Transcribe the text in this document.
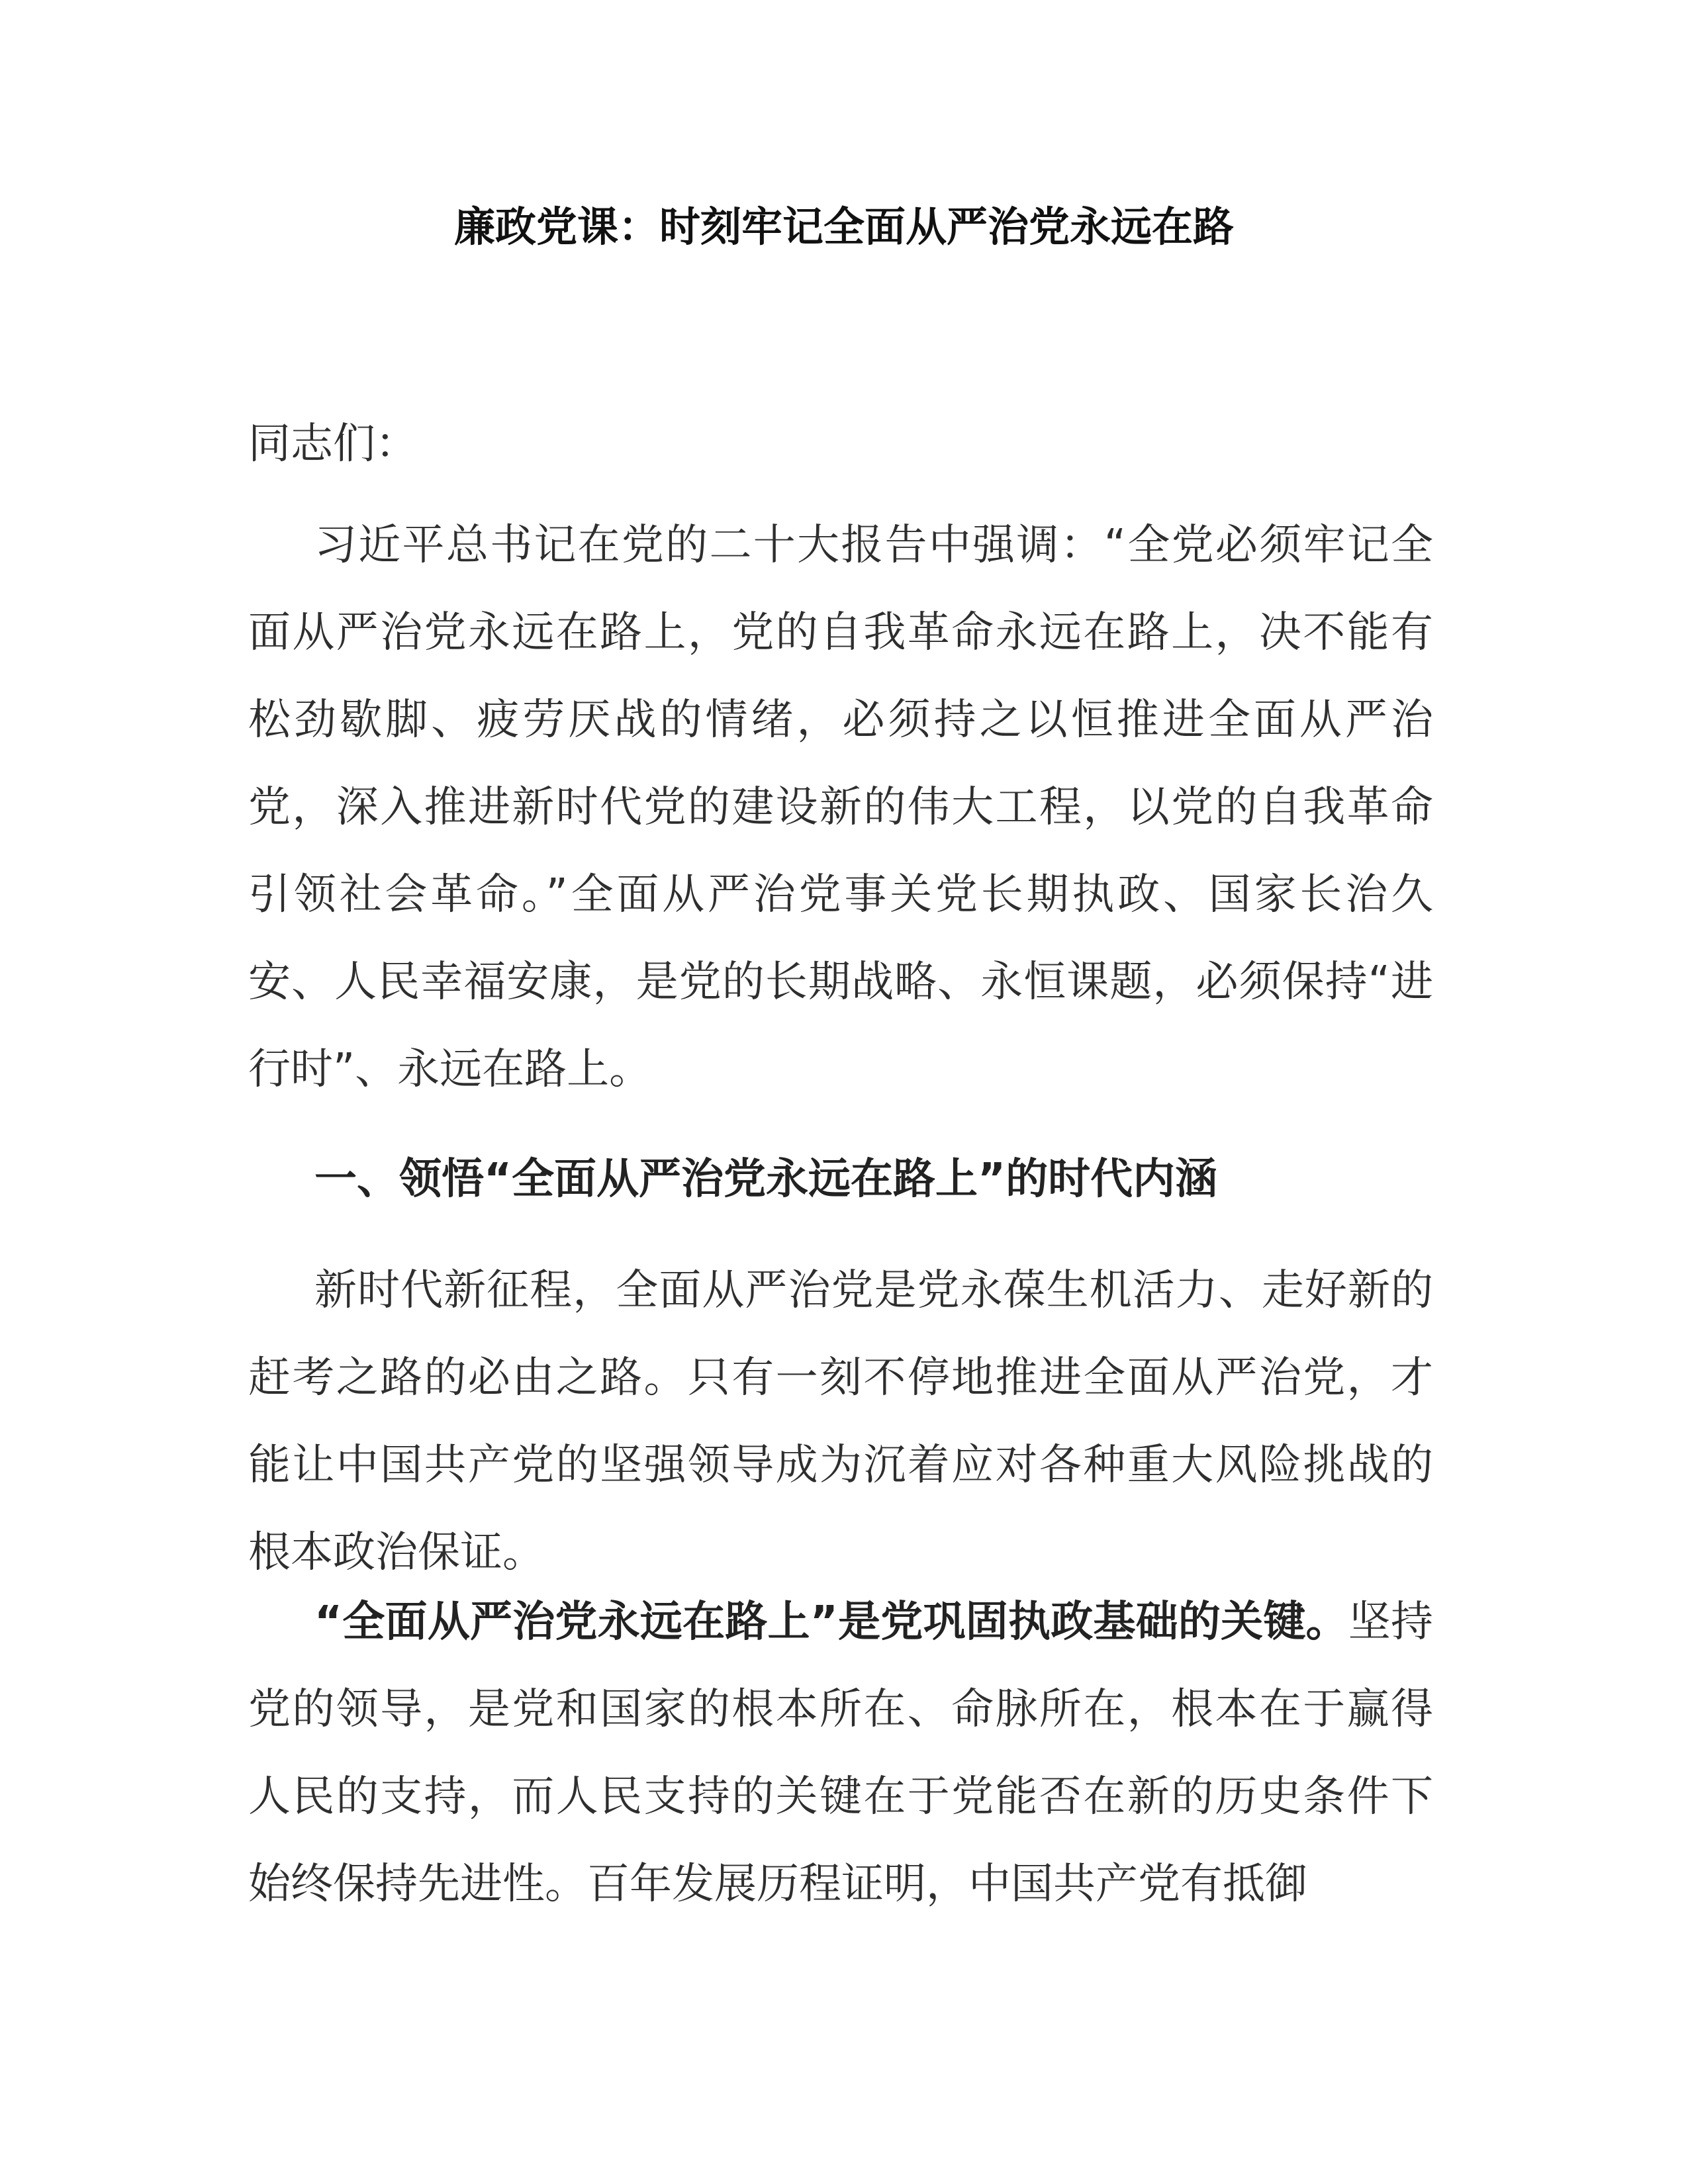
廉政党课：时刻牢记全面从严治党永远在路

同志们：

习近平总书记在党的二十大报告中强调：“全党必须牢记全面从严治党永远在路上，党的自我革命永远在路上，决不能有松劲歇脚、疲劳厌战的情绪，必须持之以恒推进全面从严治党，深入推进新时代党的建设新的伟大工程，以党的自我革命引领社会革命。”全面从严治党事关党长期执政、国家长治久安、人民幸福安康，是党的长期战略、永恒课题，必须保持“进行时”、永远在路上。

一、领悟“全面从严治党永远在路上”的时代内涵

新时代新征程，全面从严治党是党永葆生机活力、走好新的赶考之路的必由之路。只有一刻不停地推进全面从严治党，才能让中国共产党的坚强领导成为沉着应对各种重大风险挑战的根本政治保证。

“全面从严治党永远在路上”是党巩固执政基础的关键。坚持党的领导，是党和国家的根本所在、命脉所在，根本在于赢得人民的支持，而人民支持的关键在于党能否在新的历史条件下始终保持先进性。百年发展历程证明，中国共产党有抵御
